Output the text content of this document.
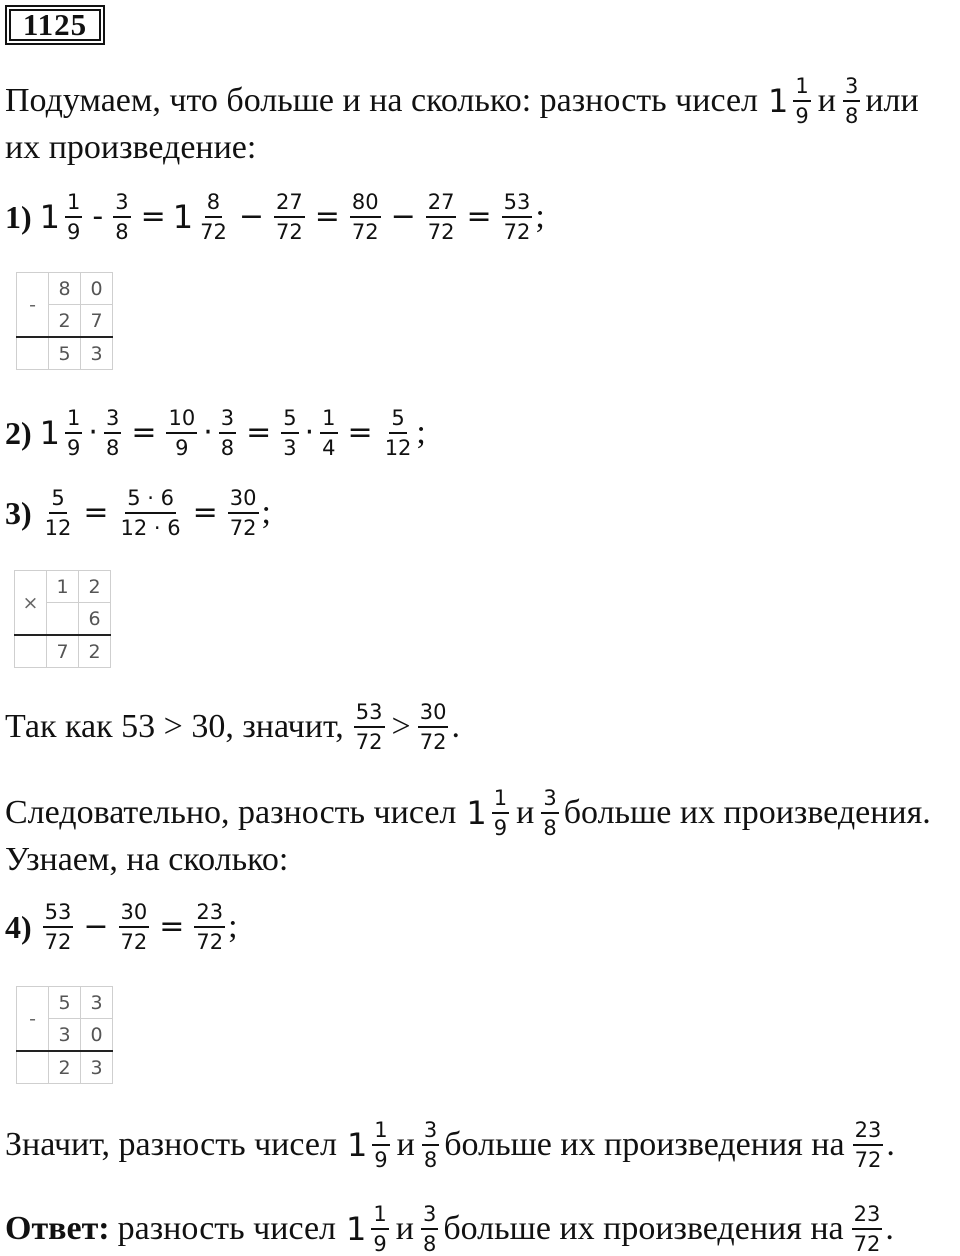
1125
Подумаем, что больше и на сколько: разность чисел $1 \frac{1}{9}$ и $\frac{3}{8}$ или
их произведение:
1) $1 \frac{1}{9} - \frac{3}{8} = 1 \frac{8}{72} - \frac{27}{72} = \frac{80}{72} - \frac{27}{72} = \frac{53}{72}$ ;
-	8	0
	2	7
	5	3
2) $1 \frac{1}{9} \cdot \frac{3}{8} = \frac{10}{9} \cdot \frac{3}{8} = \frac{5}{3} \cdot \frac{1}{4} = \frac{5}{12}$ ;
$3) \frac{5}{12} = \frac{5 \cdot 6}{12 \cdot 6} = \frac{30}{72}$ ;
×	1	2
		6
	7	2
Так как 53 > 30, значит, $\frac{53}{72} > \frac{30}{72}$ .
Следовательно, разность чисел $1 \frac{1}{9}$ и $\frac{3}{8}$ больше их произведения.
Узнаем, на сколько:
$4) \frac{53}{72} - \frac{30}{72} = \frac{23}{72}$ ;
-	5	3
	3	0
	2	3
Значит, разность чисел $1 \frac{1}{9}$ и $\frac{3}{8}$ больше их произведения на $\frac{23}{72}$ .
Ответ: разность чисел $1 \frac{1}{9}$ и $\frac{3}{8}$ больше их произведения на $\frac{23}{72}$ .
